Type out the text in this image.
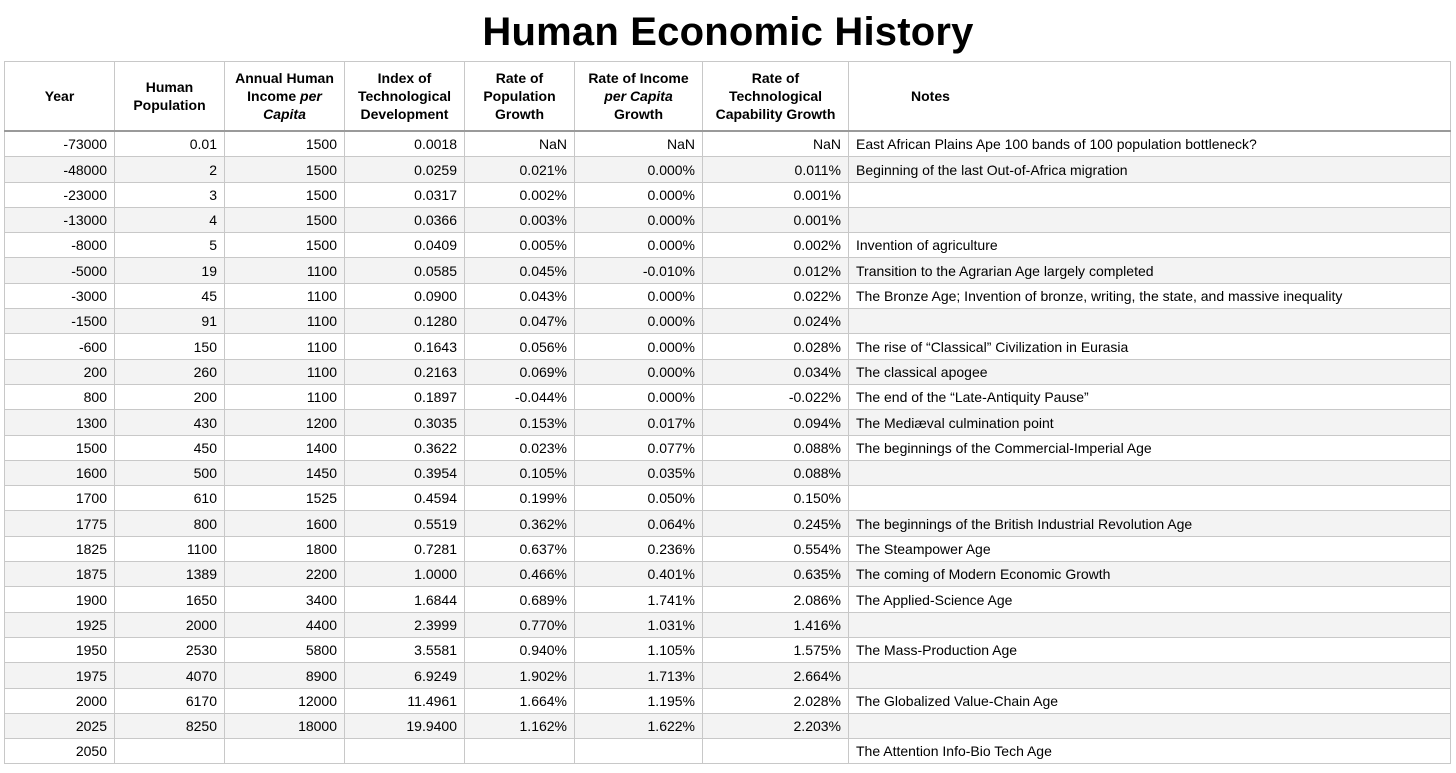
Human Economic History
Year	Human Population	Annual Human Income per Capita	Index of Technological Development	Rate of Population Growth	Rate of Income per Capita Growth	Rate of Technological Capability Growth	Notes
-73000	0.01	1500	0.0018	NaN	NaN	NaN	East African Plains Ape 100 bands of 100 population bottleneck?
-48000	2	1500	0.0259	0.021%	0.000%	0.011%	Beginning of the last Out-of-Africa migration
-23000	3	1500	0.0317	0.002%	0.000%	0.001%	
-13000	4	1500	0.0366	0.003%	0.000%	0.001%	
-8000	5	1500	0.0409	0.005%	0.000%	0.002%	Invention of agriculture
-5000	19	1100	0.0585	0.045%	-0.010%	0.012%	Transition to the Agrarian Age largely completed
-3000	45	1100	0.0900	0.043%	0.000%	0.022%	The Bronze Age; Invention of bronze, writing, the state, and massive inequality
-1500	91	1100	0.1280	0.047%	0.000%	0.024%	
-600	150	1100	0.1643	0.056%	0.000%	0.028%	The rise of “Classical” Civilization in Eurasia
200	260	1100	0.2163	0.069%	0.000%	0.034%	The classical apogee
800	200	1100	0.1897	-0.044%	0.000%	-0.022%	The end of the “Late-Antiquity Pause”
1300	430	1200	0.3035	0.153%	0.017%	0.094%	The Mediæval culmination point
1500	450	1400	0.3622	0.023%	0.077%	0.088%	The beginnings of the Commercial-Imperial Age
1600	500	1450	0.3954	0.105%	0.035%	0.088%	
1700	610	1525	0.4594	0.199%	0.050%	0.150%	
1775	800	1600	0.5519	0.362%	0.064%	0.245%	The beginnings of the British Industrial Revolution Age
1825	1100	1800	0.7281	0.637%	0.236%	0.554%	The Steampower Age
1875	1389	2200	1.0000	0.466%	0.401%	0.635%	The coming of Modern Economic Growth
1900	1650	3400	1.6844	0.689%	1.741%	2.086%	The Applied-Science Age
1925	2000	4400	2.3999	0.770%	1.031%	1.416%	
1950	2530	5800	3.5581	0.940%	1.105%	1.575%	The Mass-Production Age
1975	4070	8900	6.9249	1.902%	1.713%	2.664%	
2000	6170	12000	11.4961	1.664%	1.195%	2.028%	The Globalized Value-Chain Age
2025	8250	18000	19.9400	1.162%	1.622%	2.203%	
2050							The Attention Info-Bio Tech Age
